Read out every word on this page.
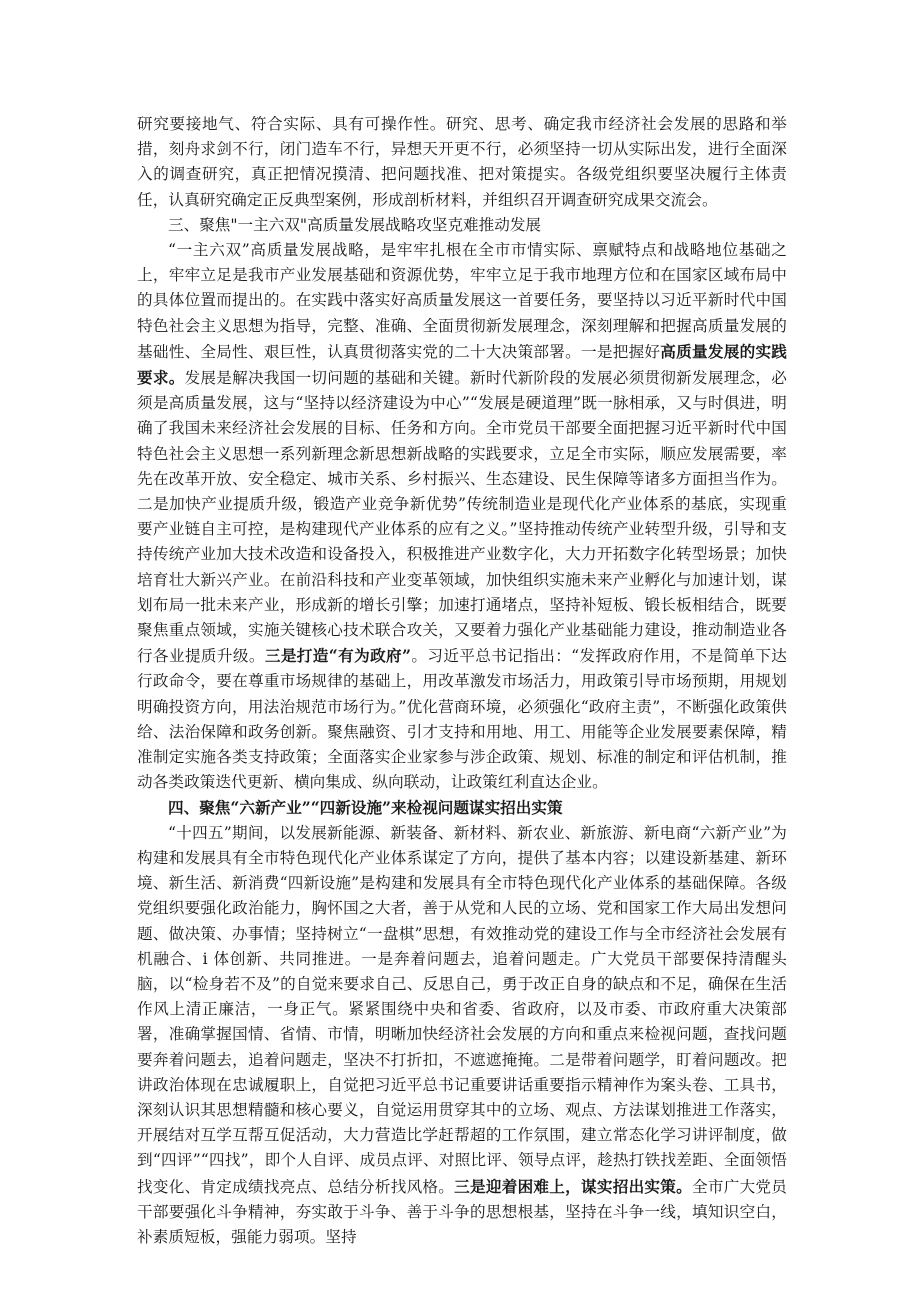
研究要接地气、符合实际、具有可操作性。研究、思考、确定我市经济社会发展的思路和举措，刻舟求剑不行，闭门造车不行，异想天开更不行，必须坚持一切从实际出发，进行全面深入的调查研究，真正把情况摸清、把问题找准、把对策提实。各级党组织要坚决履行主体责任，认真研究确定正反典型案例，形成剖析材料，并组织召开调查研究成果交流会。

三、聚焦"一主六双"高质量发展战略攻坚克难推动发展

“一主六双”高质量发展战略，是牢牢扎根在全市市情实际、禀赋特点和战略地位基础之上，牢牢立足是我市产业发展基础和资源优势，牢牢立足于我市地理方位和在国家区域布局中的具体位置而提出的。在实践中落实好高质量发展这一首要任务，要坚持以习近平新时代中国特色社会主义思想为指导，完整、准确、全面贯彻新发展理念，深刻理解和把握高质量发展的基础性、全局性、艰巨性，认真贯彻落实党的二十大决策部署。一是把握好高质量发展的实践要求。发展是解决我国一切问题的基础和关键。新时代新阶段的发展必须贯彻新发展理念，必须是高质量发展，这与“坚持以经济建设为中心”“发展是硬道理”既一脉相承，又与时俱进，明确了我国未来经济社会发展的目标、任务和方向。全市党员干部要全面把握习近平新时代中国特色社会主义思想一系列新理念新思想新战略的实践要求，立足全市实际，顺应发展需要，率先在改革开放、安全稳定、城市关系、乡村振兴、生态建设、民生保障等诸多方面担当作为。二是加快产业提质升级，锻造产业竞争新优势”传统制造业是现代化产业体系的基底，实现重要产业链自主可控，是构建现代产业体系的应有之义。”坚持推动传统产业转型升级，引导和支持传统产业加大技术改造和设备投入，积极推进产业数字化，大力开拓数字化转型场景；加快培育壮大新兴产业。在前沿科技和产业变革领域，加快组织实施未来产业孵化与加速计划，谋划布局一批未来产业，形成新的增长引擎；加速打通堵点，坚持补短板、锻长板相结合，既要聚焦重点领域，实施关键核心技术联合攻关，又要着力强化产业基础能力建设，推动制造业各行各业提质升级。三是打造“有为政府”。习近平总书记指出：“发挥政府作用，不是简单下达行政命令，要在尊重市场规律的基础上，用改革激发市场活力，用政策引导市场预期，用规划明确投资方向，用法治规范市场行为。”优化营商环境，必须强化“政府主责”，不断强化政策供给、法治保障和政务创新。聚焦融资、引才支持和用地、用工、用能等企业发展要素保障，精准制定实施各类支持政策；全面落实企业家参与涉企政策、规划、标准的制定和评估机制，推动各类政策迭代更新、横向集成、纵向联动，让政策红利直达企业。

四、聚焦“六新产业”“四新设施”来检视问题谋实招出实策

“十四五”期间，以发展新能源、新装备、新材料、新农业、新旅游、新电商“六新产业”为构建和发展具有全市特色现代化产业体系谋定了方向，提供了基本内容；以建设新基建、新环境、新生活、新消费“四新设施”是构建和发展具有全市特色现代化产业体系的基础保障。各级党组织要强化政治能力，胸怀国之大者，善于从党和人民的立场、党和国家工作大局出发想问题、做决策、办事情；坚持树立“一盘棋”思想，有效推动党的建设工作与全市经济社会发展有机融合、i 体创新、共同推进。一是奔着问题去，追着问题走。广大党员干部要保持清醒头脑，以“检身若不及”的自觉来要求自己、反思自己，勇于改正自身的缺点和不足，确保在生活作风上清正廉洁，一身正气。紧紧围绕中央和省委、省政府，以及市委、市政府重大决策部署，准确掌握国情、省情、市情，明晰加快经济社会发展的方向和重点来检视问题，查找问题要奔着问题去，追着问题走，坚决不打折扣，不遮遮掩掩。二是带着问题学，盯着问题改。把讲政治体现在忠诚履职上，自觉把习近平总书记重要讲话重要指示精神作为案头卷、工具书，深刻认识其思想精髓和核心要义，自觉运用贯穿其中的立场、观点、方法谋划推进工作落实，开展结对互学互帮互促活动，大力营造比学赶帮超的工作氛围，建立常态化学习讲评制度，做到“四评”“四找”，即个人自评、成员点评、对照比评、领导点评，趁热打铁找差距、全面领悟找变化、肯定成绩找亮点、总结分析找风格。三是迎着困难上，谋实招出实策。全市广大党员干部要强化斗争精神，夯实敢于斗争、善于斗争的思想根基，坚持在斗争一线，填知识空白，补素质短板，强能力弱项。坚持
